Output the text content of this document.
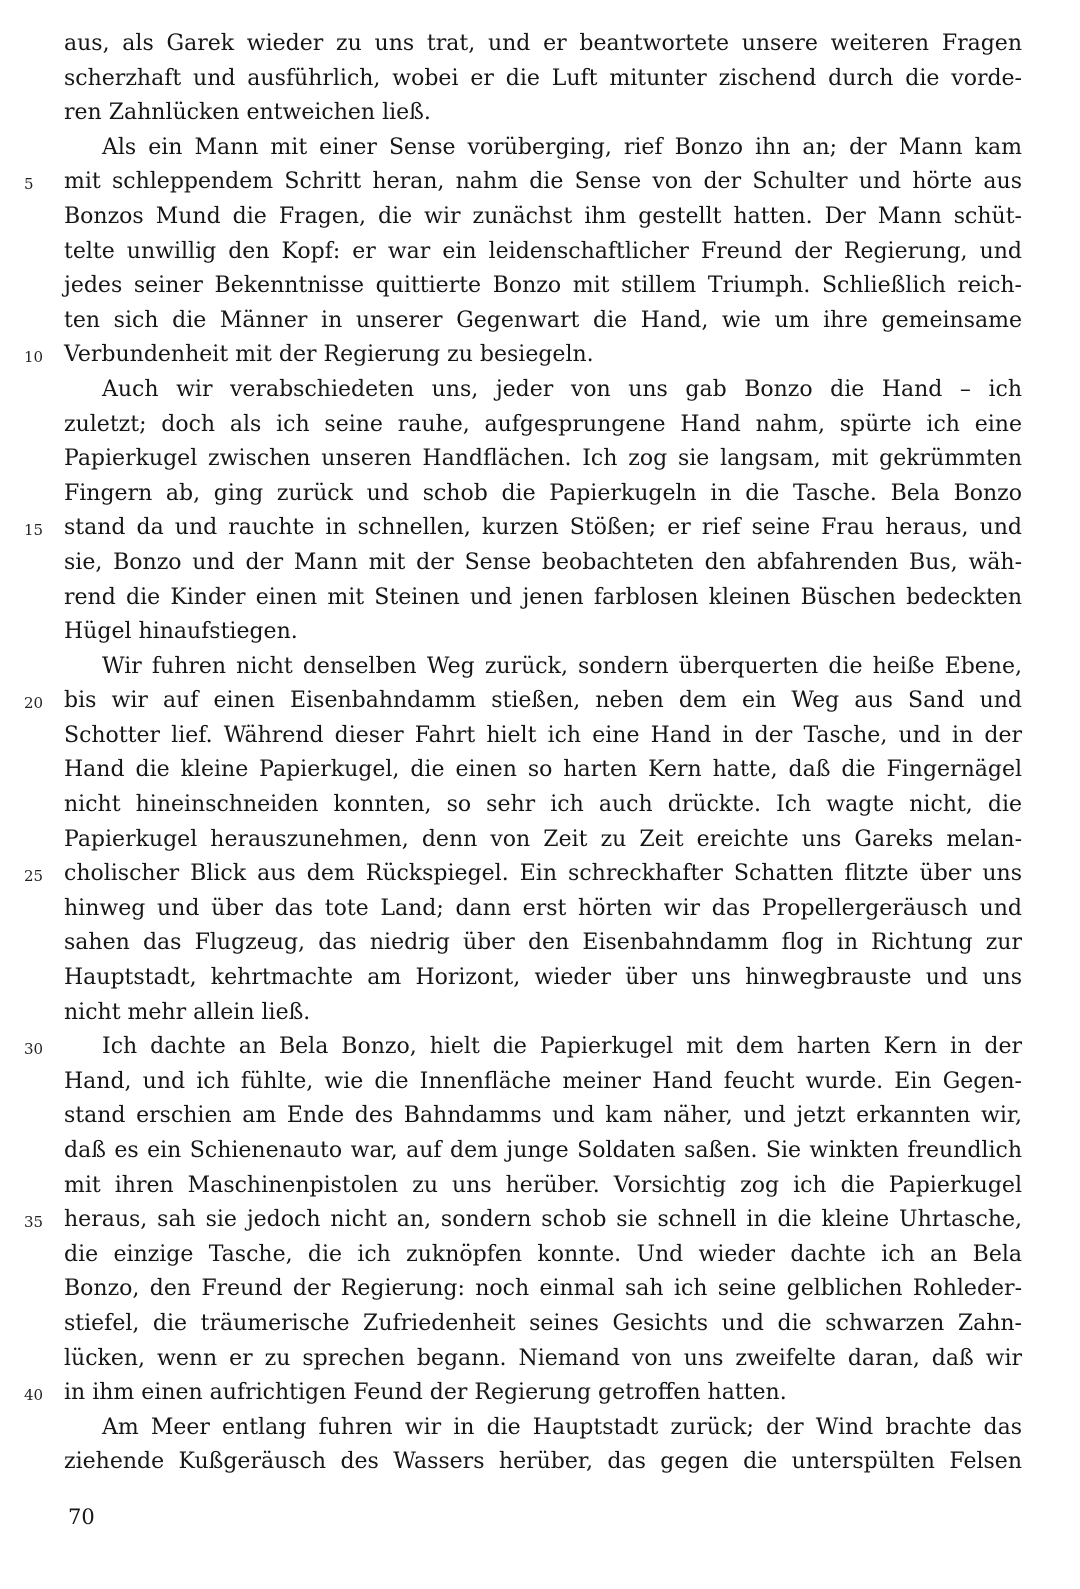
aus, als Garek wieder zu uns trat, und er beantwortete unsere weiteren Fragen
scherzhaft und ausführlich, wobei er die Luft mitunter zischend durch die vorde-
ren Zahnlücken entweichen ließ.
Als ein Mann mit einer Sense vorüberging, rief Bonzo ihn an; der Mann kam
5	mit schleppendem Schritt heran, nahm die Sense von der Schulter und hörte aus
Bonzos Mund die Fragen, die wir zunächst ihm gestellt hatten. Der Mann schüt-
telte unwillig den Kopf: er war ein leidenschaftlicher Freund der Regierung, und
jedes seiner Bekenntnisse quittierte Bonzo mit stillem Triumph. Schließlich reich-
ten sich die Männer in unserer Gegenwart die Hand, wie um ihre gemeinsame
10 Verbundenheit mit der Regierung zu besiegeln.
Auch wir verabschiedeten uns, jeder von uns gab Bonzo die Hand – ich
zuletzt; doch als ich seine rauhe, aufgesprungene Hand nahm, spürte ich eine
Papierkugel zwischen unseren Handflächen. Ich zog sie langsam, mit gekrümmten
Fingern ab, ging zurück und schob die Papierkugeln in die Tasche. Bela Bonzo
15 stand da und rauchte in schnellen, kurzen Stößen; er rief seine Frau heraus, und
sie, Bonzo und der Mann mit der Sense beobachteten den abfahrenden Bus, wäh-
rend die Kinder einen mit Steinen und jenen farblosen kleinen Büschen bedeckten
Hügel hinaufstiegen.
Wir fuhren nicht denselben Weg zurück, sondern überquerten die heiße Ebene,
20 bis wir auf einen Eisenbahndamm stießen, neben dem ein Weg aus Sand und
Schotter lief. Während dieser Fahrt hielt ich eine Hand in der Tasche, und in der
Hand die kleine Papierkugel, die einen so harten Kern hatte, daß die Fingernägel
nicht hineinschneiden konnten, so sehr ich auch drückte. Ich wagte nicht, die
Papierkugel herauszunehmen, denn von Zeit zu Zeit ereichte uns Gareks melan-
25 cholischer Blick aus dem Rückspiegel. Ein schreckhafter Schatten flitzte über uns
hinweg und über das tote Land; dann erst hörten wir das Propellergeräusch und
sahen das Flugzeug, das niedrig über den Eisenbahndamm flog in Richtung zur
Hauptstadt, kehrtmachte am Horizont, wieder über uns hinwegbrauste und uns
nicht mehr allein ließ.
30	Ich dachte an Bela Bonzo, hielt die Papierkugel mit dem harten Kern in der
Hand, und ich fühlte, wie die Innenfläche meiner Hand feucht wurde. Ein Gegen-
stand erschien am Ende des Bahndamms und kam näher, und jetzt erkannten wir,
daß es ein Schienenauto war, auf dem junge Soldaten saßen. Sie winkten freundlich
mit ihren Maschinenpistolen zu uns herüber. Vorsichtig zog ich die Papierkugel
35 heraus, sah sie jedoch nicht an, sondern schob sie schnell in die kleine Uhrtasche,
die einzige Tasche, die ich zuknöpfen konnte. Und wieder dachte ich an Bela
Bonzo, den Freund der Regierung: noch einmal sah ich seine gelblichen Rohleder-
stiefel, die träumerische Zufriedenheit seines Gesichts und die schwarzen Zahn-
lücken, wenn er zu sprechen begann. Niemand von uns zweifelte daran, daß wir
40 in ihm einen aufrichtigen Feund der Regierung getroffen hatten.
Am Meer entlang fuhren wir in die Hauptstadt zurück; der Wind brachte das
ziehende Kußgeräusch des Wassers herüber, das gegen die unterspülten Felsen
70
